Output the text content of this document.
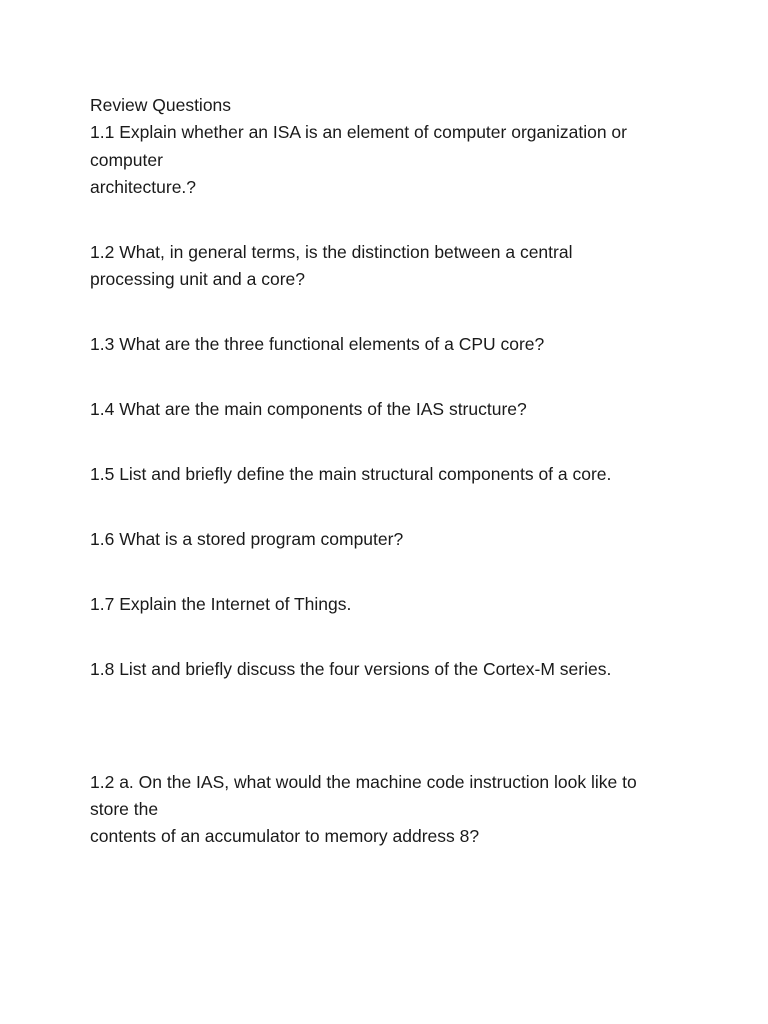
Review Questions
1.1 Explain whether an ISA is an element of computer organization or
computer
architecture.?
1.2 What, in general terms, is the distinction between a central
processing unit and a core?
1.3 What are the three functional elements of a CPU core?
1.4 What are the main components of the IAS structure?
1.5 List and briefly define the main structural components of a core.
1.6 What is a stored program computer?
1.7 Explain the Internet of Things.
1.8 List and briefly discuss the four versions of the Cortex-M series.
1.2 a. On the IAS, what would the machine code instruction look like to
store the
contents of an accumulator to memory address 8?
